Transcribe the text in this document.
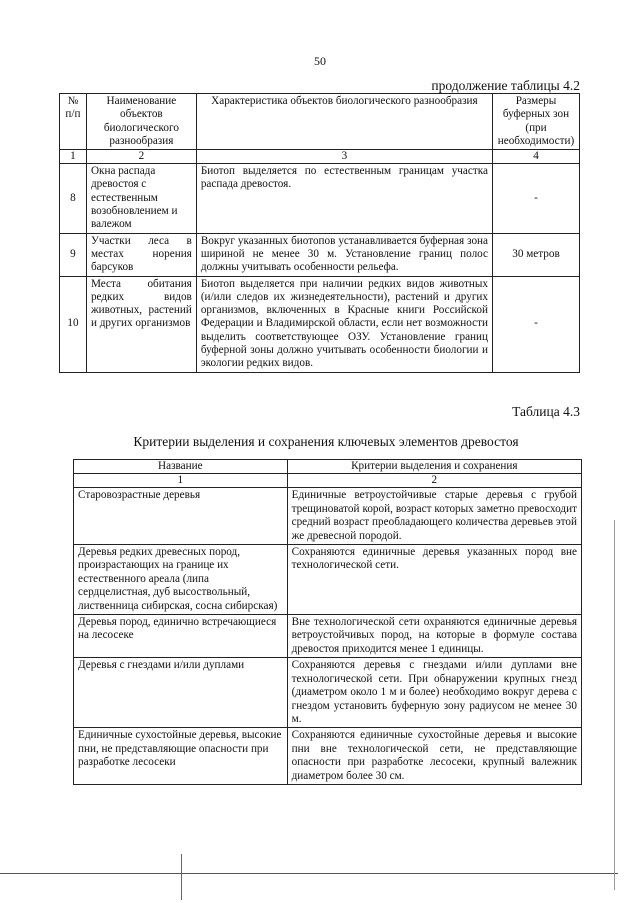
50
продолжение таблицы 4.2
№ п/п	Наименование объектов биологического разнообразия	Характеристика объектов биологического разнообразия	Размеры буферных зон (при необходимости)
1	2	3	4
8	Окна распада древостоя с естественным возобновлением и валежом	Биотоп выделяется по естественным границам участка распада древостоя.	-
9	Участки леса в местах норения барсуков	Вокруг указанных биотопов устанавливается буферная зона шириной не менее 30 м. Установление границ полос должны учитывать особенности рельефа.	30 метров
10	Места обитания редких видов животных, растений и других организмов	Биотоп выделяется при наличии редких видов животных (и/или следов их жизнедеятельности), растений и других организмов, включенных в Красные книги Российской Федерации и Владимирской области, если нет возможности выделить соответствующее ОЗУ. Установление границ буферной зоны должно учитывать особенности биологии и экологии редких видов.	-
Таблица 4.3
Критерии выделения и сохранения ключевых элементов древостоя
Название	Критерии выделения и сохранения
1	2
Старовозрастные деревья	Единичные ветроустойчивые старые деревья с грубой трещиноватой корой, возраст которых заметно превосходит средний возраст преобладающего количества деревьев этой же древесной породой.
Деревья редких древесных пород, произрастающих на границе их естественного ареала (липа сердцелистная, дуб высоствольный, лиственница сибирская, сосна сибирская)	Сохраняются единичные деревья указанных пород вне технологической сети.
Деревья пород, единично встречающиеся на лесосеке	Вне технологической сети охраняются единичные деревья ветроустойчивых пород, на которые в формуле состава древостоя приходится менее 1 единицы.
Деревья с гнездами и/или дуплами	Сохраняются деревья с гнездами и/или дуплами вне технологической сети. При обнаружении крупных гнезд (диаметром около 1 м и более) необходимо вокруг дерева с гнездом установить буферную зону радиусом не менее 30 м.
Единичные сухостойные деревья, высокие пни, не представляющие опасности при разработке лесосеки	Сохраняются единичные сухостойные деревья и высокие пни вне технологической сети, не представляющие опасности при разработке лесосеки, крупный валежник диаметром более 30 см.
